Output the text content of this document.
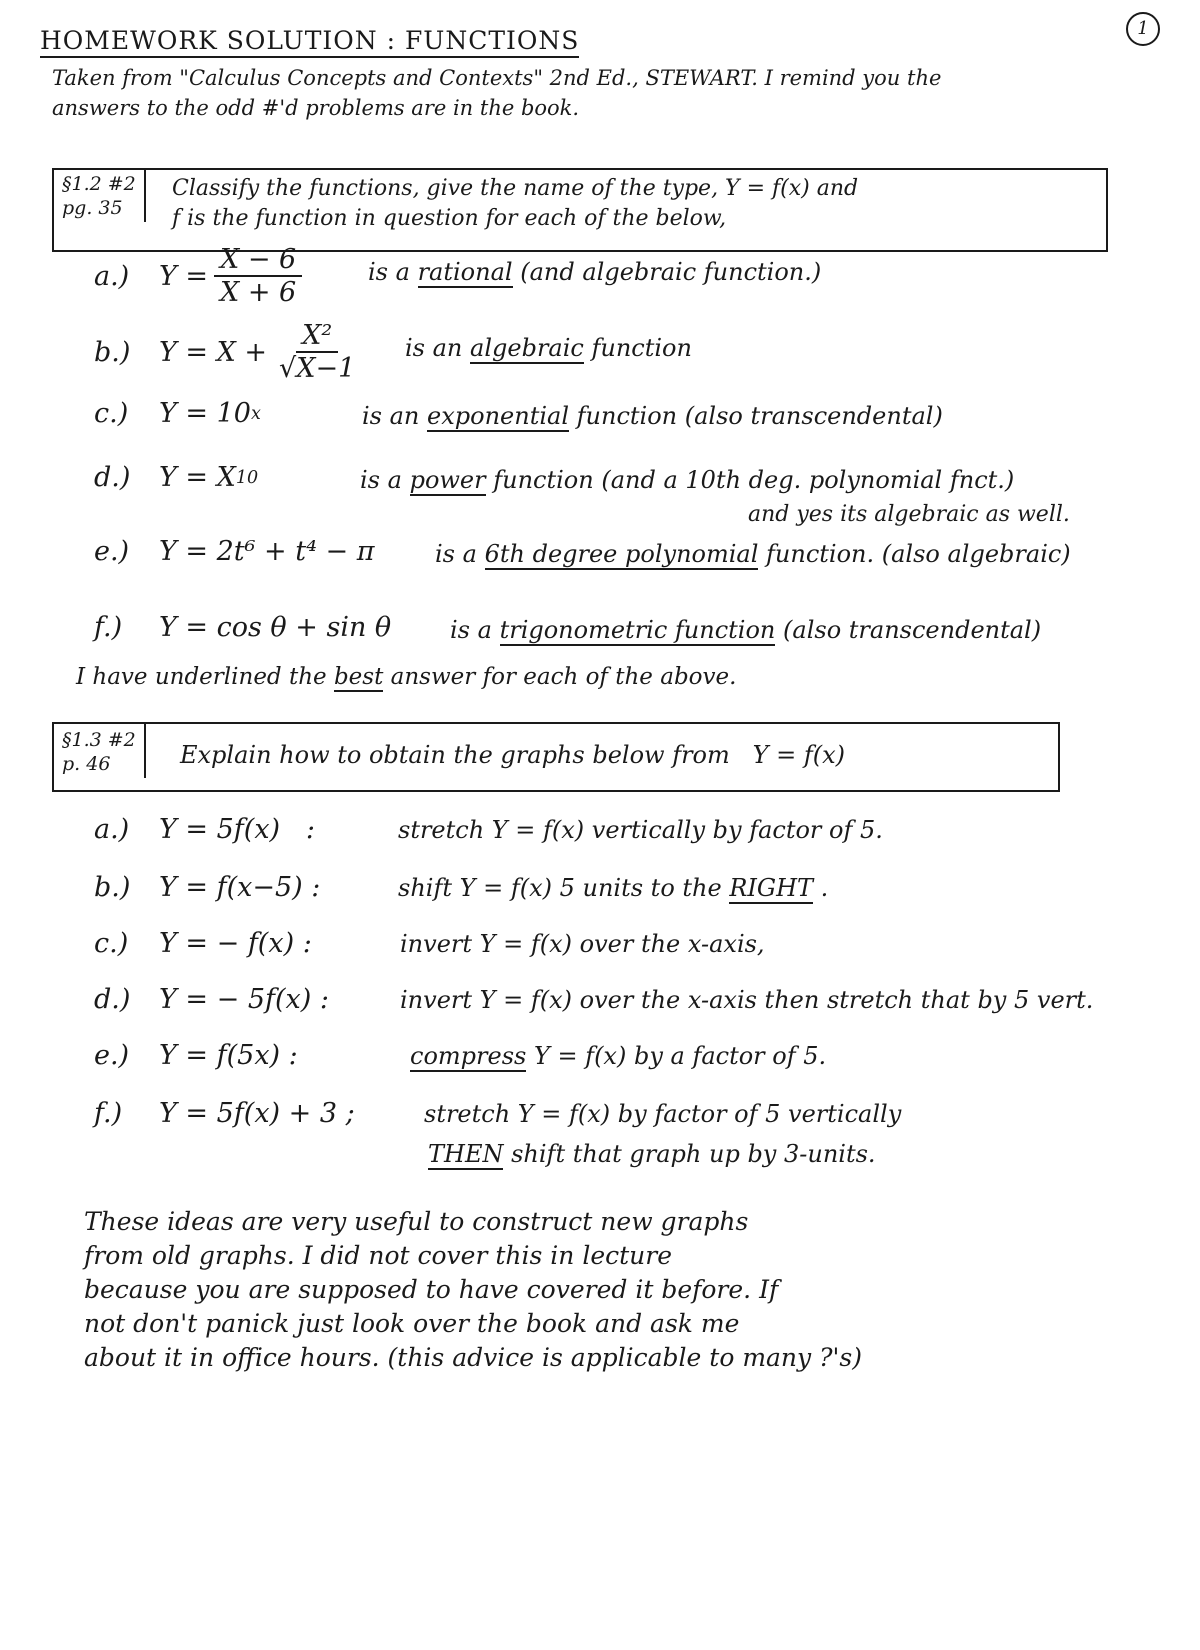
HOMEWORK SOLUTION : FUNCTIONS	1
Taken from "Calculus Concepts and Contexts" 2nd Ed., STEWART. I remind you the
answers to the odd #'d problems are in the book.
§1.2 #2
pg. 35
Classify the functions, give the name of the type, Y = f(x) and
f is the function in question for each of the below,
a.)	$Y = \frac{X - 6}{X + 6}$	is a rational (and algebraic function.)
b.)	$Y = X + \frac{\text{X²}}{√X-1}$ is an algebraic function
c.)	Y = 10 x	is an exponential function (also transcendental)
d.)	Y = X 10	is a power function (and a 10th deg. polynomial fnct.)
and yes its algebraic as well.
e.)	Y = 2t⁶ + t⁴ − π	is a 6th degree polynomial function. (also algebraic)
f.)	Y = cos θ + sin θ is a trigonometric function (also transcendental)
I have underlined the best answer for each of the above.
§1.3 #2
p. 46	Explain how to obtain the graphs below from   Y = f(x)
a.)	Y = 5f(x)   :	stretch Y = f(x) vertically by factor of 5.
b.)	Y = f(x−5) :	shift Y = f(x) 5 units to the RIGHT .
c.)	Y = − f(x) :	invert Y = f(x) over the x-axis,
d.)	Y = − 5f(x) :	invert Y = f(x) over the x-axis then stretch that by 5 vert.
e.)	Y = f(5x) :	compress Y = f(x) by a factor of 5.
f.)	Y = 5f(x) + 3 ;	stretch Y = f(x) by factor of 5 vertically
THEN shift that graph up by 3-units.
These ideas are very useful to construct new graphs
from old graphs. I did not cover this in lecture
because you are supposed to have covered it before. If
not don't panick just look over the book and ask me
about it in office hours. (this advice is applicable to many ?'s)
